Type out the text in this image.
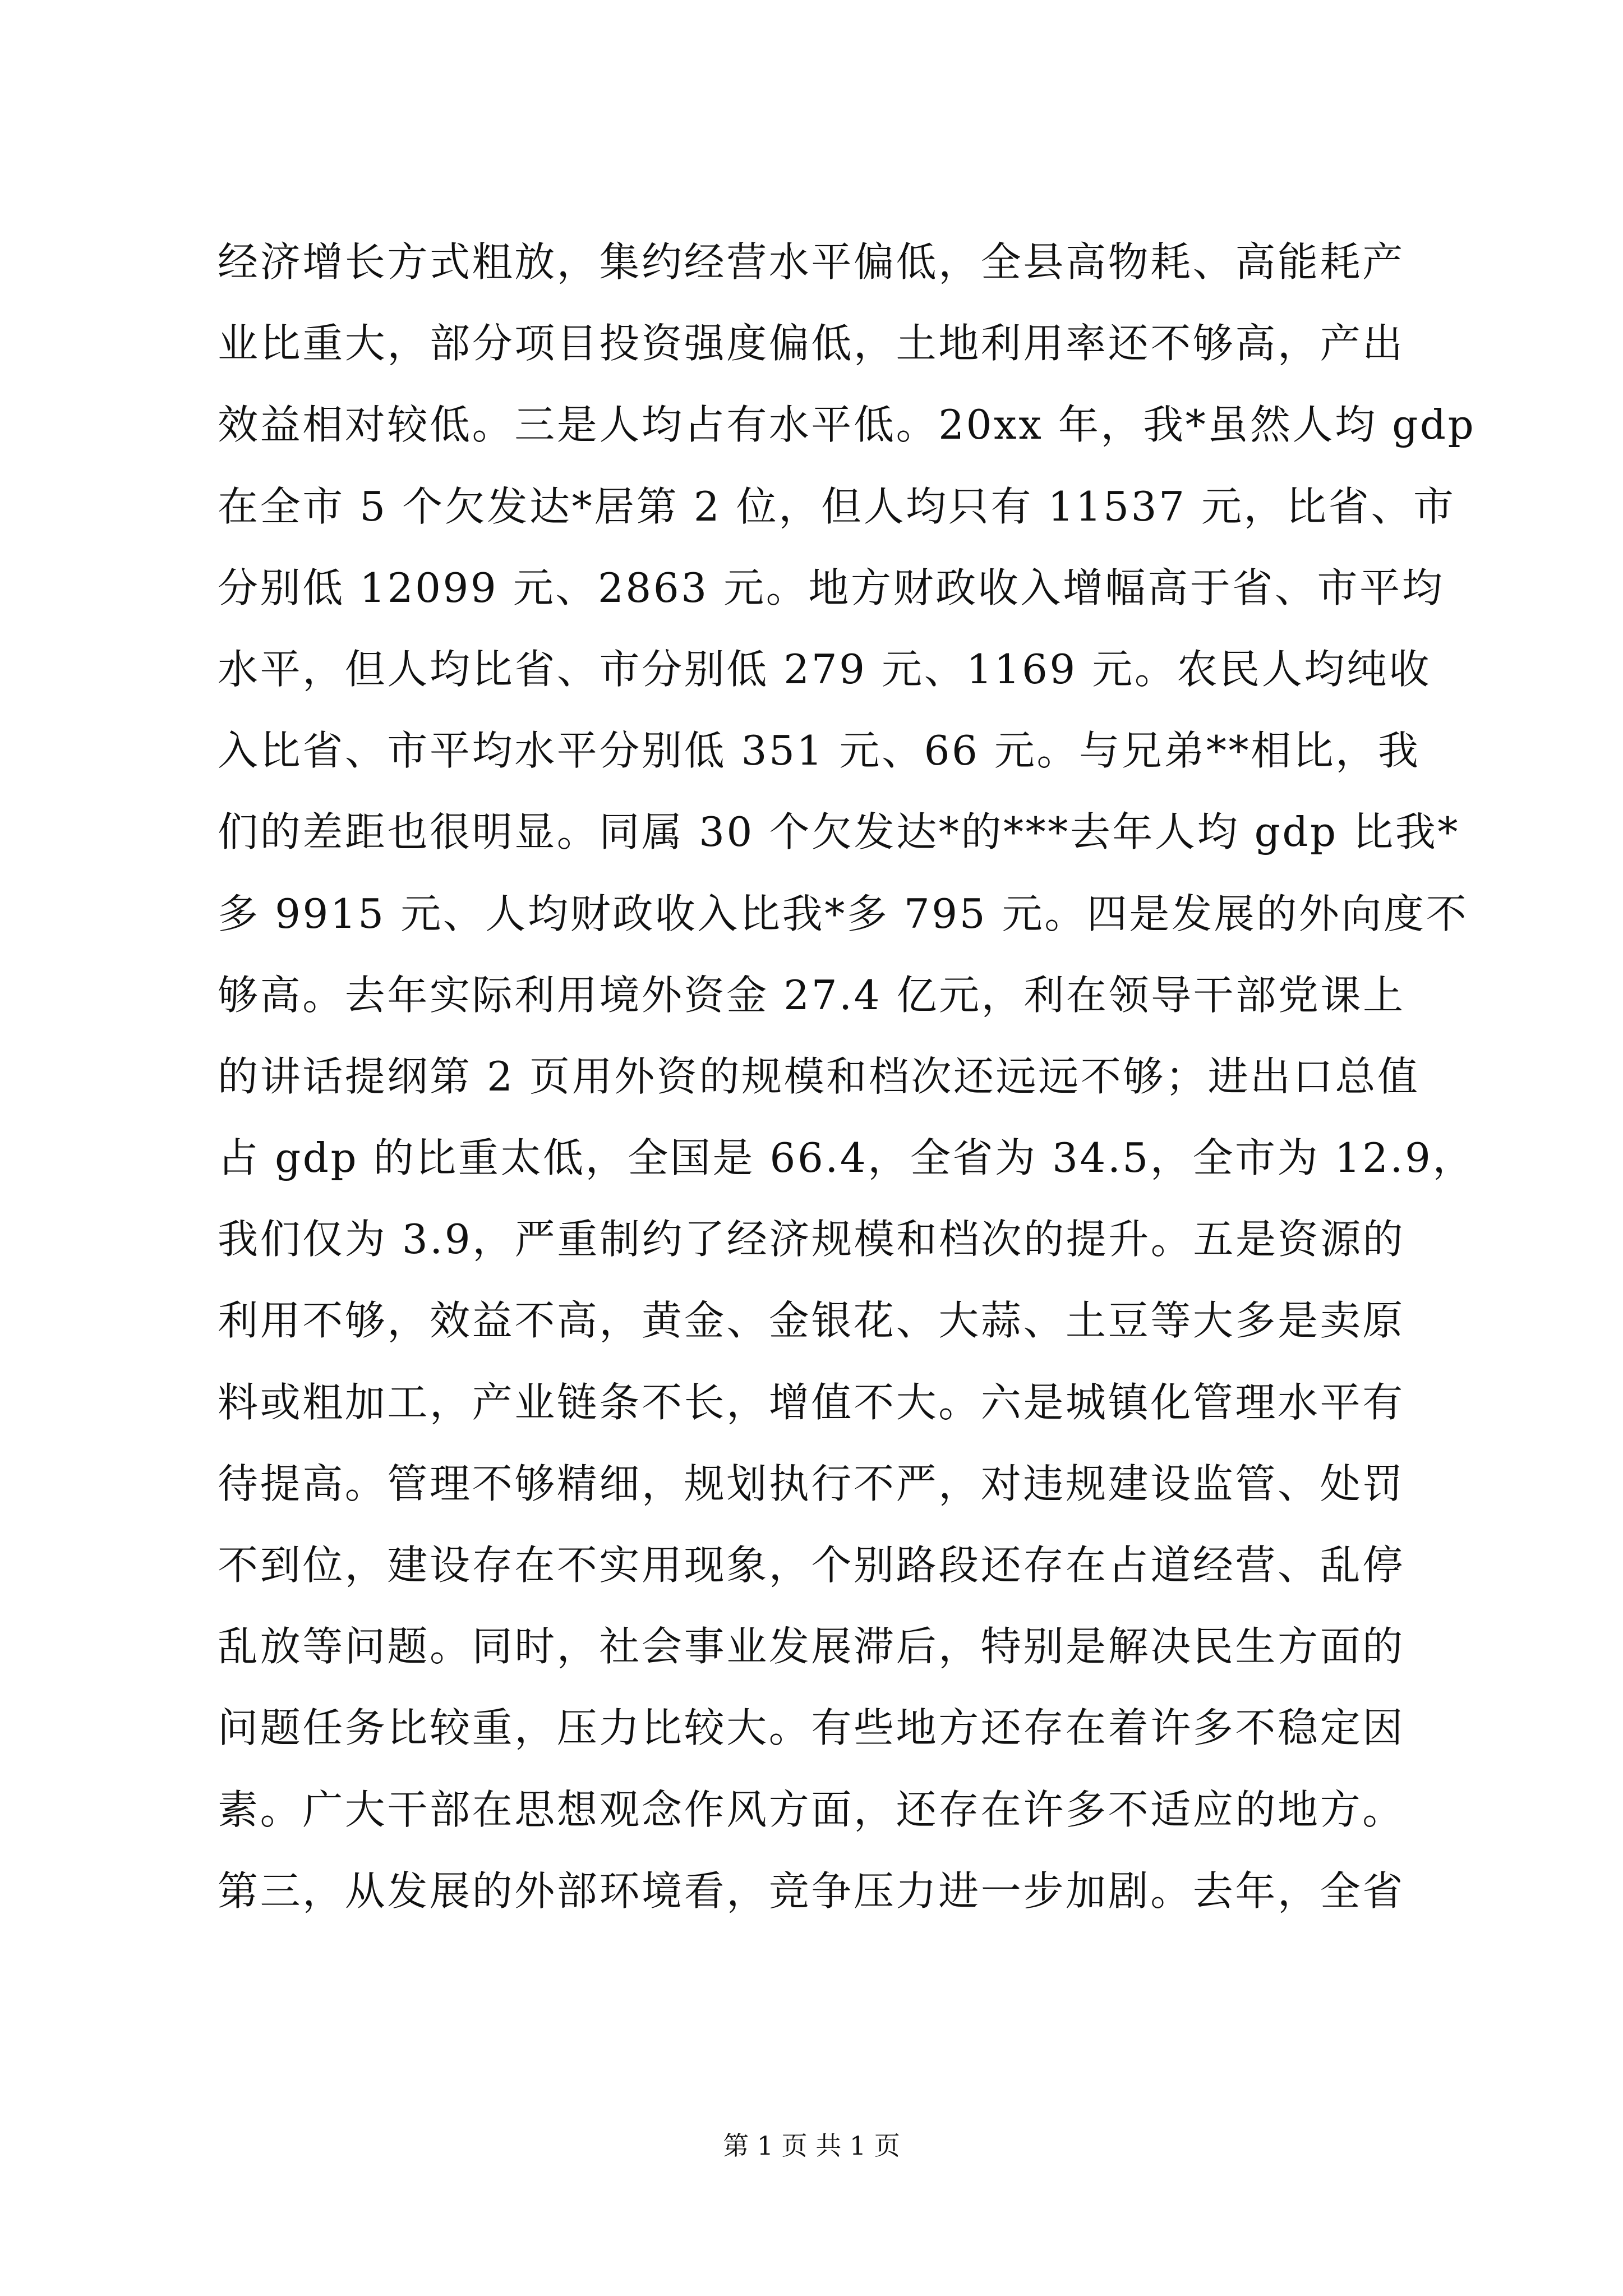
经济增长方式粗放，集约经营水平偏低，全县高物耗、高能耗产
业比重大，部分项目投资强度偏低，土地利用率还不够高，产出
效益相对较低。三是人均占有水平低。20xx 年，我*虽然人均 gdp
在全市 5 个欠发达*居第 2 位，但人均只有 11537 元，比省、市
分别低 12099 元、2863 元。地方财政收入增幅高于省、市平均
水平，但人均比省、市分别低 279 元、1169 元。农民人均纯收
入比省、市平均水平分别低 351 元、66 元。与兄弟**相比，我
们的差距也很明显。同属 30 个欠发达*的***去年人均 gdp 比我*
多 9915 元、人均财政收入比我*多 795 元。四是发展的外向度不
够高。去年实际利用境外资金 27.4 亿元，利在领导干部党课上
的讲话提纲第 2 页用外资的规模和档次还远远不够；进出口总值
占 gdp 的比重太低，全国是 66.4，全省为 34.5，全市为 12.9，
我们仅为 3.9，严重制约了经济规模和档次的提升。五是资源的
利用不够，效益不高，黄金、金银花、大蒜、土豆等大多是卖原
料或粗加工，产业链条不长，增值不大。六是城镇化管理水平有
待提高。管理不够精细，规划执行不严，对违规建设监管、处罚
不到位，建设存在不实用现象，个别路段还存在占道经营、乱停
乱放等问题。同时，社会事业发展滞后，特别是解决民生方面的
问题任务比较重，压力比较大。有些地方还存在着许多不稳定因
素。广大干部在思想观念作风方面，还存在许多不适应的地方。
第三，从发展的外部环境看，竞争压力进一步加剧。去年，全省
第 1 页 共 1 页
